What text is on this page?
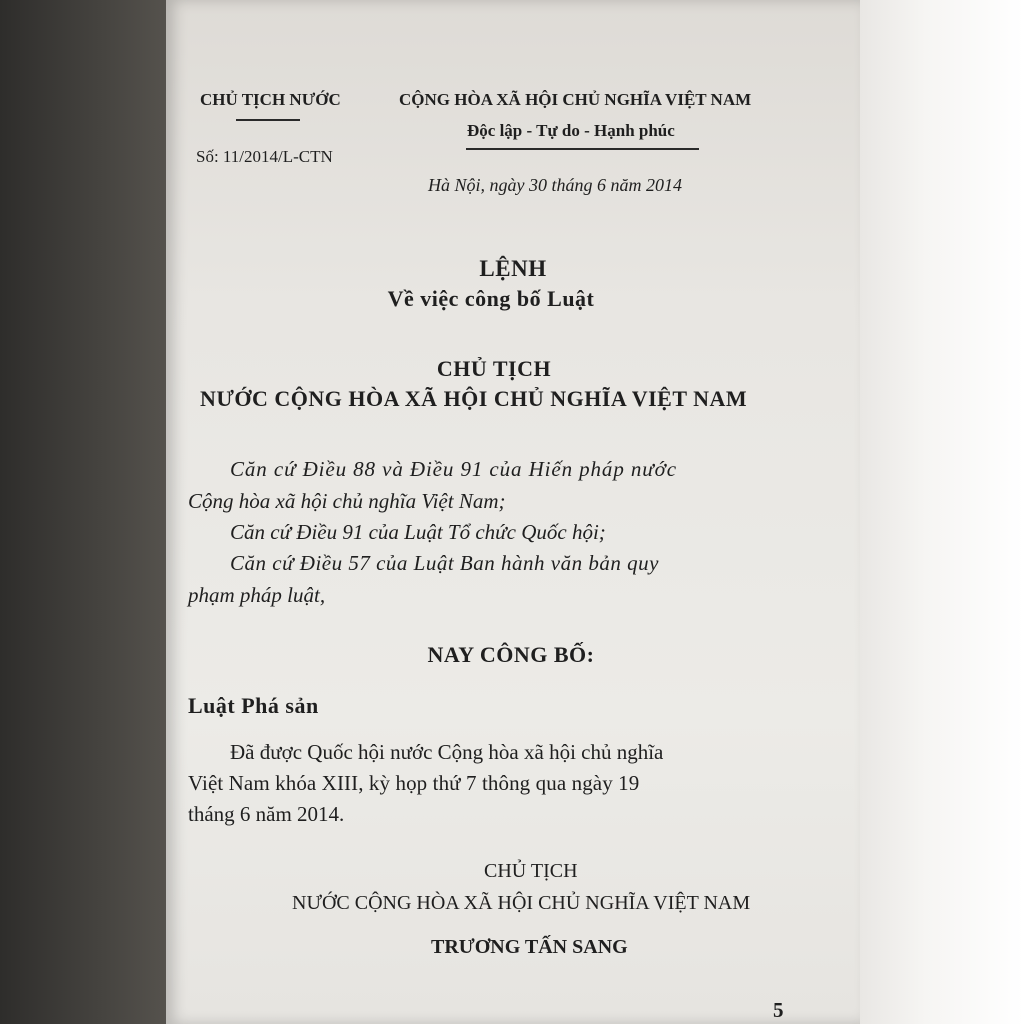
CHỦ TỊCH NƯỚC
Số: 11/2014/L-CTN
CỘNG HÒA XÃ HỘI CHỦ NGHĨA VIỆT NAM
Độc lập - Tự do - Hạnh phúc
Hà Nội, ngày 30 tháng 6 năm 2014
LỆNH
Về việc công bố Luật
CHỦ TỊCH
NƯỚC CỘNG HÒA XÃ HỘI CHỦ NGHĨA VIỆT NAM
Căn cứ Điều 88 và Điều 91 của Hiến pháp nước
Cộng hòa xã hội chủ nghĩa Việt Nam;
Căn cứ Điều 91 của Luật Tổ chức Quốc hội;
Căn cứ Điều 57 của Luật Ban hành văn bản quy
phạm pháp luật,
NAY CÔNG BỐ:
Luật Phá sản
Đã được Quốc hội nước Cộng hòa xã hội chủ nghĩa
Việt Nam khóa XIII, kỳ họp thứ 7 thông qua ngày 19
tháng 6 năm 2014.
CHỦ TỊCH
NƯỚC CỘNG HÒA XÃ HỘI CHỦ NGHĨA VIỆT NAM
TRƯƠNG TẤN SANG
5
